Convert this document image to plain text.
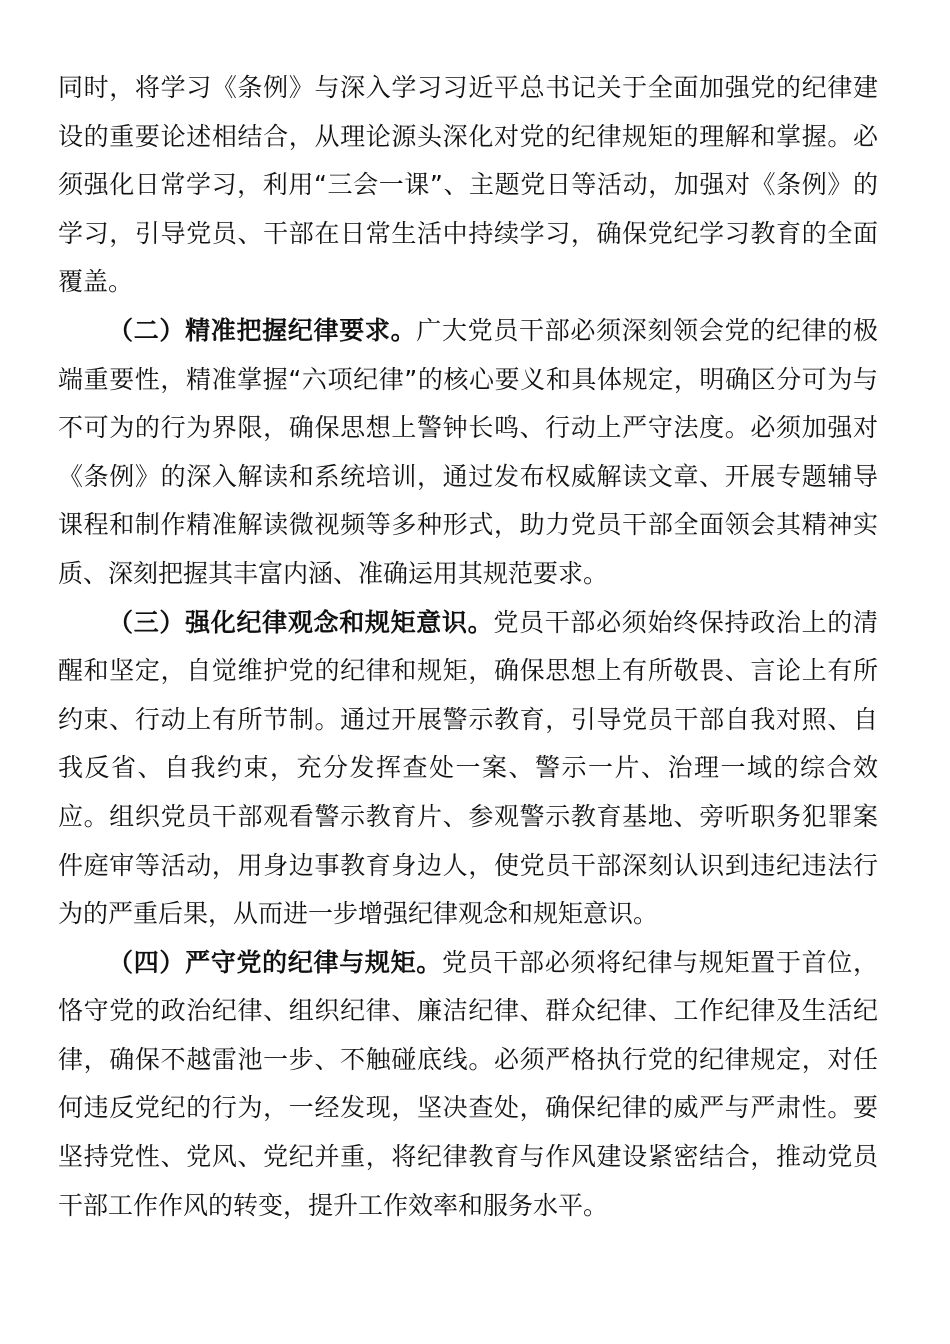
同时，将学习《条例》与深入学习习近平总书记关于全面加强党的纪律建设的重要论述相结合，从理论源头深化对党的纪律规矩的理解和掌握。必须强化日常学习，利用“三会一课”、主题党日等活动，加强对《条例》的学习，引导党员、干部在日常生活中持续学习，确保党纪学习教育的全面覆盖。

（二）精准把握纪律要求。广大党员干部必须深刻领会党的纪律的极端重要性，精准掌握“六项纪律”的核心要义和具体规定，明确区分可为与不可为的行为界限，确保思想上警钟长鸣、行动上严守法度。必须加强对《条例》的深入解读和系统培训，通过发布权威解读文章、开展专题辅导课程和制作精准解读微视频等多种形式，助力党员干部全面领会其精神实质、深刻把握其丰富内涵、准确运用其规范要求。

（三）强化纪律观念和规矩意识。党员干部必须始终保持政治上的清醒和坚定，自觉维护党的纪律和规矩，确保思想上有所敬畏、言论上有所约束、行动上有所节制。通过开展警示教育，引导党员干部自我对照、自我反省、自我约束，充分发挥查处一案、警示一片、治理一域的综合效应。组织党员干部观看警示教育片、参观警示教育基地、旁听职务犯罪案件庭审等活动，用身边事教育身边人，使党员干部深刻认识到违纪违法行为的严重后果，从而进一步增强纪律观念和规矩意识。

（四）严守党的纪律与规矩。党员干部必须将纪律与规矩置于首位，恪守党的政治纪律、组织纪律、廉洁纪律、群众纪律、工作纪律及生活纪律，确保不越雷池一步、不触碰底线。必须严格执行党的纪律规定，对任何违反党纪的行为，一经发现，坚决查处，确保纪律的威严与严肃性。要坚持党性、党风、党纪并重，将纪律教育与作风建设紧密结合，推动党员干部工作作风的转变，提升工作效率和服务水平。
